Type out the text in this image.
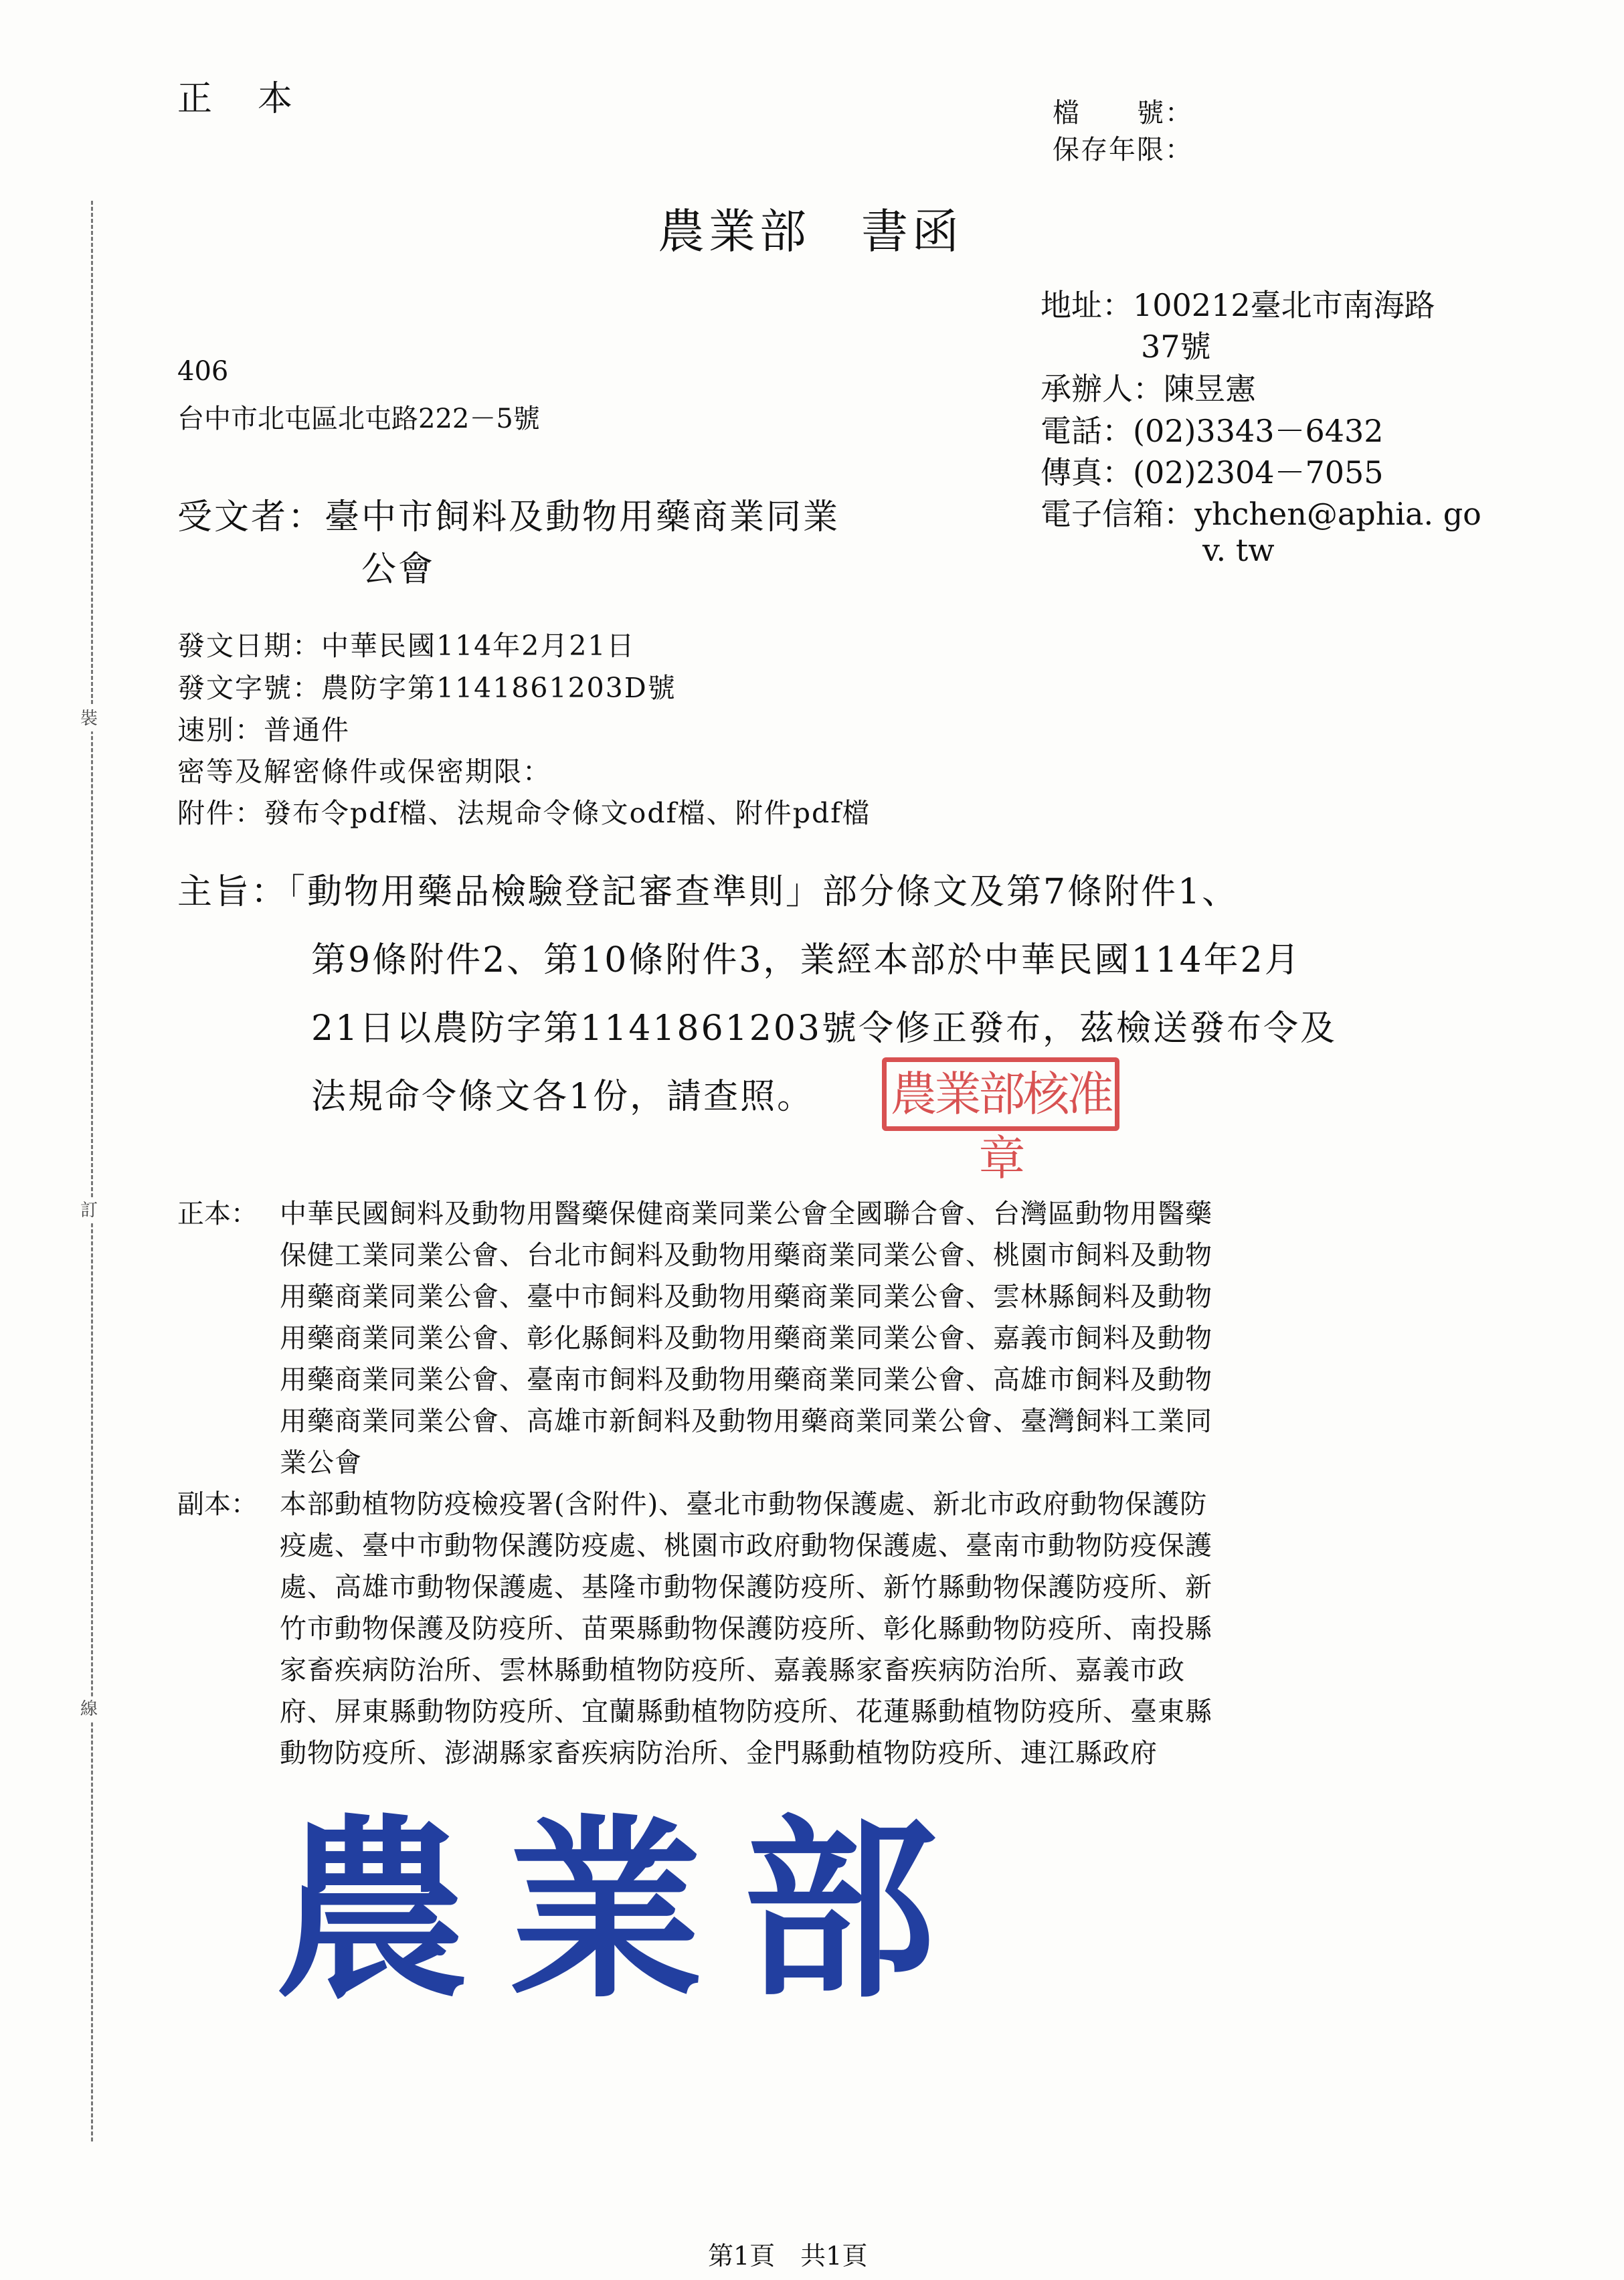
裝
訂
線
正　本	檔　　號：
保存年限：
農業部　書函
地址：100212臺北市南海路
37號
承辦人：陳昱憲
電話：(02)3343－6432
傳真：(02)2304－7055
電子信箱：yhchen@aphia. go
v. tw
406
台中市北屯區北屯路222－5號
受文者：臺中市飼料及動物用藥商業同業
公會
發文日期：中華民國114年2月21日
發文字號：農防字第1141861203D號
速別：普通件
密等及解密條件或保密期限：
附件：發布令pdf檔、法規命令條文odf檔、附件pdf檔
主旨：「動物用藥品檢驗登記審查準則」部分條文及第7條附件1、
第9條附件2、第10條附件3，業經本部於中華民國114年2月
21日以農防字第1141861203號令修正發布，茲檢送發布令及
法規命令條文各1份，請查照。 農業部核准章
正本： 中華民國飼料及動物用醫藥保健商業同業公會全國聯合會、台灣區動物用醫藥
保健工業同業公會、台北市飼料及動物用藥商業同業公會、桃園市飼料及動物
用藥商業同業公會、臺中市飼料及動物用藥商業同業公會、雲林縣飼料及動物
用藥商業同業公會、彰化縣飼料及動物用藥商業同業公會、嘉義市飼料及動物
用藥商業同業公會、臺南市飼料及動物用藥商業同業公會、高雄市飼料及動物
用藥商業同業公會、高雄市新飼料及動物用藥商業同業公會、臺灣飼料工業同
業公會
副本： 本部動植物防疫檢疫署(含附件)、臺北市動物保護處、新北市政府動物保護防
疫處、臺中市動物保護防疫處、桃園市政府動物保護處、臺南市動物防疫保護
處、高雄市動物保護處、基隆市動物保護防疫所、新竹縣動物保護防疫所、新
竹市動物保護及防疫所、苗栗縣動物保護防疫所、彰化縣動物防疫所、南投縣
家畜疾病防治所、雲林縣動植物防疫所、嘉義縣家畜疾病防治所、嘉義市政
府、屏東縣動物防疫所、宜蘭縣動植物防疫所、花蓮縣動植物防疫所、臺東縣
動物防疫所、澎湖縣家畜疾病防治所、金門縣動植物防疫所、連江縣政府
農業部
第1頁　共1頁
